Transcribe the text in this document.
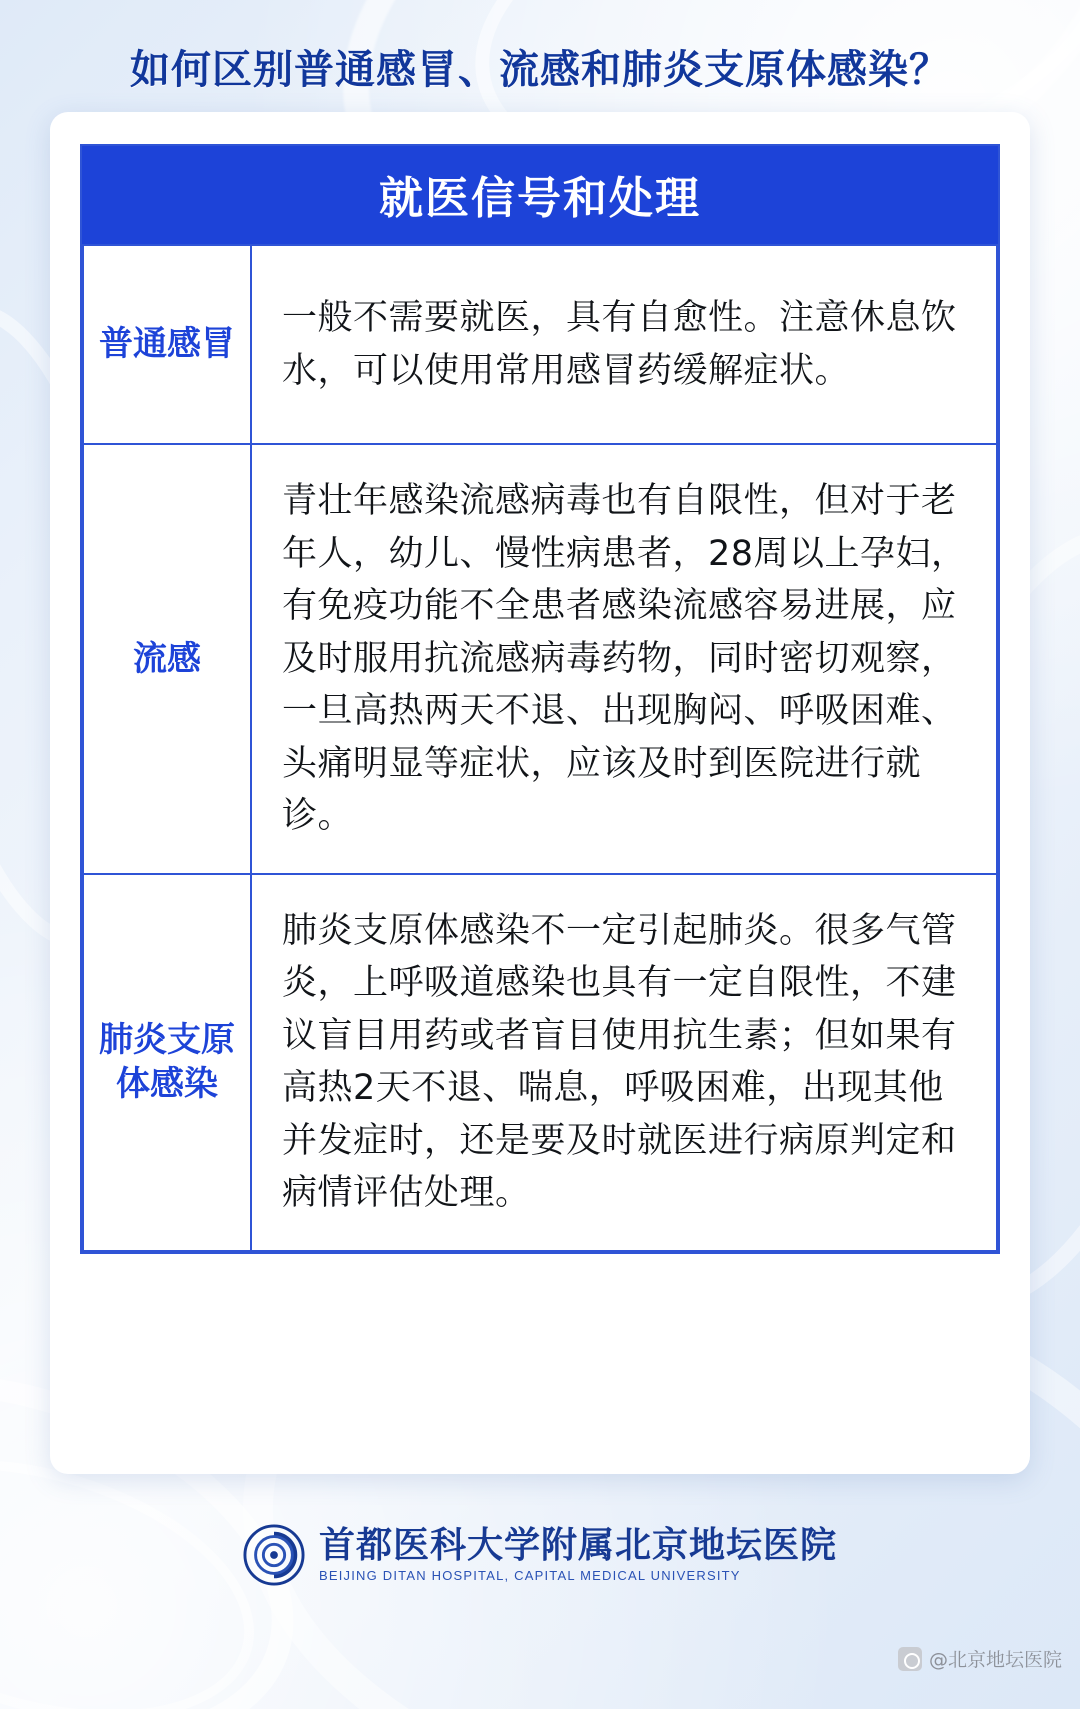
如何区别普通感冒、流感和肺炎支原体感染？
就医信号和处理
普通感冒	一般不需要就医，具有自愈性。注意休息饮水，可以使用常用感冒药缓解症状。
流感	青壮年感染流感病毒也有自限性，但对于老年人，幼儿、慢性病患者，28周以上孕妇，有免疫功能不全患者感染流感容易进展，应及时服用抗流感病毒药物，同时密切观察，一旦高热两天不退、出现胸闷、呼吸困难、头痛明显等症状，应该及时到医院进行就诊。
肺炎支原体感染	肺炎支原体感染不一定引起肺炎。很多气管炎，上呼吸道感染也具有一定自限性，不建议盲目用药或者盲目使用抗生素；但如果有高热2天不退、喘息，呼吸困难，出现其他并发症时，还是要及时就医进行病原判定和病情评估处理。
首都医科大学附属北京地坛医院
BEIJING DITAN HOSPITAL, CAPITAL MEDICAL UNIVERSITY
@北京地坛医院
